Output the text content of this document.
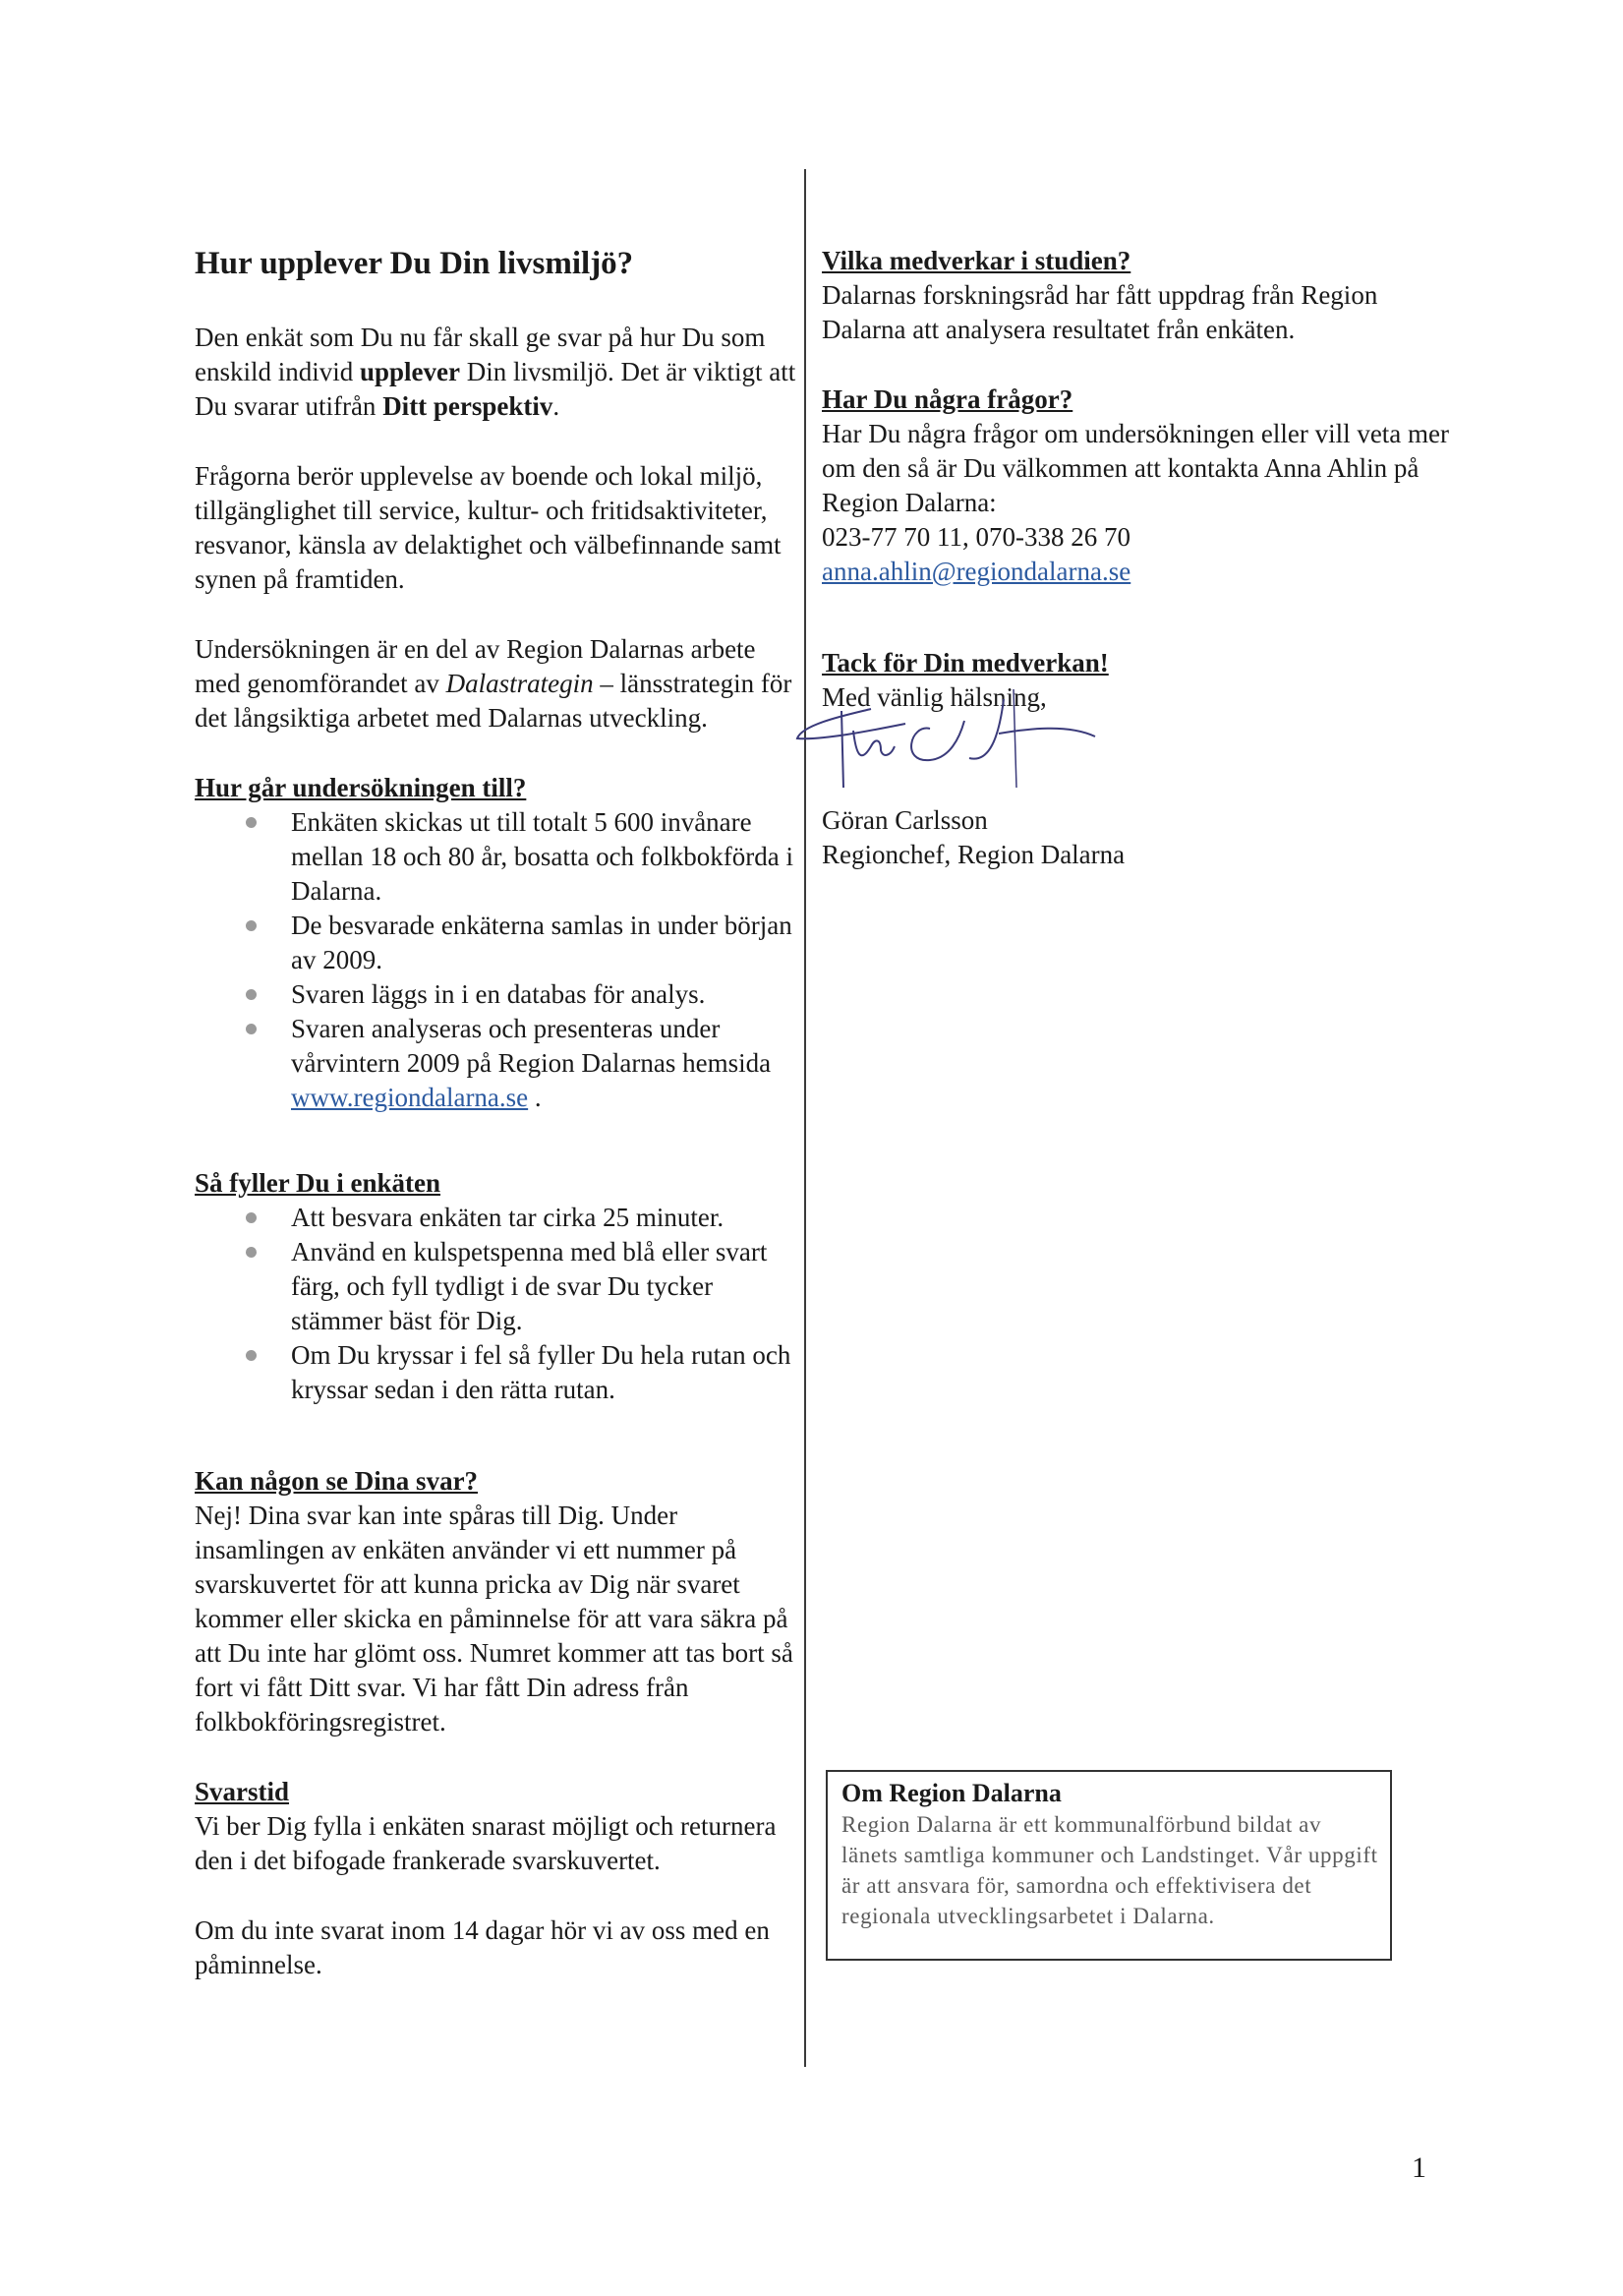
Hur upplever Du Din livsmiljö?

Den enkät som Du nu får skall ge svar på hur Du som enskild individ upplever Din livsmiljö. Det är viktigt att Du svarar utifrån Ditt perspektiv.

Frågorna berör upplevelse av boende och lokal miljö, tillgänglighet till service, kultur- och fritidsaktiviteter, resvanor, känsla av delaktighet och välbefinnande samt synen på framtiden.

Undersökningen är en del av Region Dalarnas arbete med genomförandet av Dalastrategin – länsstrategin för det långsiktiga arbetet med Dalarnas utveckling.

Hur går undersökningen till?
Enkäten skickas ut till totalt 5 600 invånare mellan 18 och 80 år, bosatta och folkbokförda i Dalarna.
De besvarade enkäterna samlas in under början av 2009.
Svaren läggs in i en databas för analys.
Svaren analyseras och presenteras under vårvintern 2009 på Region Dalarnas hemsida www.regiondalarna.se .
Så fyller Du i enkäten
Att besvara enkäten tar cirka 25 minuter.
Använd en kulspetspenna med blå eller svart färg, och fyll tydligt i de svar Du tycker stämmer bäst för Dig.
Om Du kryssar i fel så fyller Du hela rutan och kryssar sedan i den rätta rutan.
Kan någon se Dina svar?

Nej! Dina svar kan inte spåras till Dig. Under insamlingen av enkäten använder vi ett nummer på svarskuvertet för att kunna pricka av Dig när svaret kommer eller skicka en påminnelse för att vara säkra på att Du inte har glömt oss. Numret kommer att tas bort så fort vi fått Ditt svar. Vi har fått Din adress från folkbokföringsregistret.

Svarstid

Vi ber Dig fylla i enkäten snarast möjligt och returnera den i det bifogade frankerade svarskuvertet.

Om du inte svarat inom 14 dagar hör vi av oss med en påminnelse.

Vilka medverkar i studien?

Dalarnas forskningsråd har fått uppdrag från Region Dalarna att analysera resultatet från enkäten.

Har Du några frågor?

Har Du några frågor om undersökningen eller vill veta mer om den så är Du välkommen att kontakta Anna Ahlin på Region Dalarna:

023-77 70 11, 070-338 26 70

anna.ahlin@regiondalarna.se

Tack för Din medverkan!

Med vänlig hälsning,

Göran Carlsson

Regionchef, Region Dalarna

Om Region Dalarna
Region Dalarna är ett kommunalförbund bildat av länets samtliga kommuner och Landstinget. Vår uppgift är att ansvara för, samordna och effektivisera det regionala utvecklingsarbetet i Dalarna.
1
